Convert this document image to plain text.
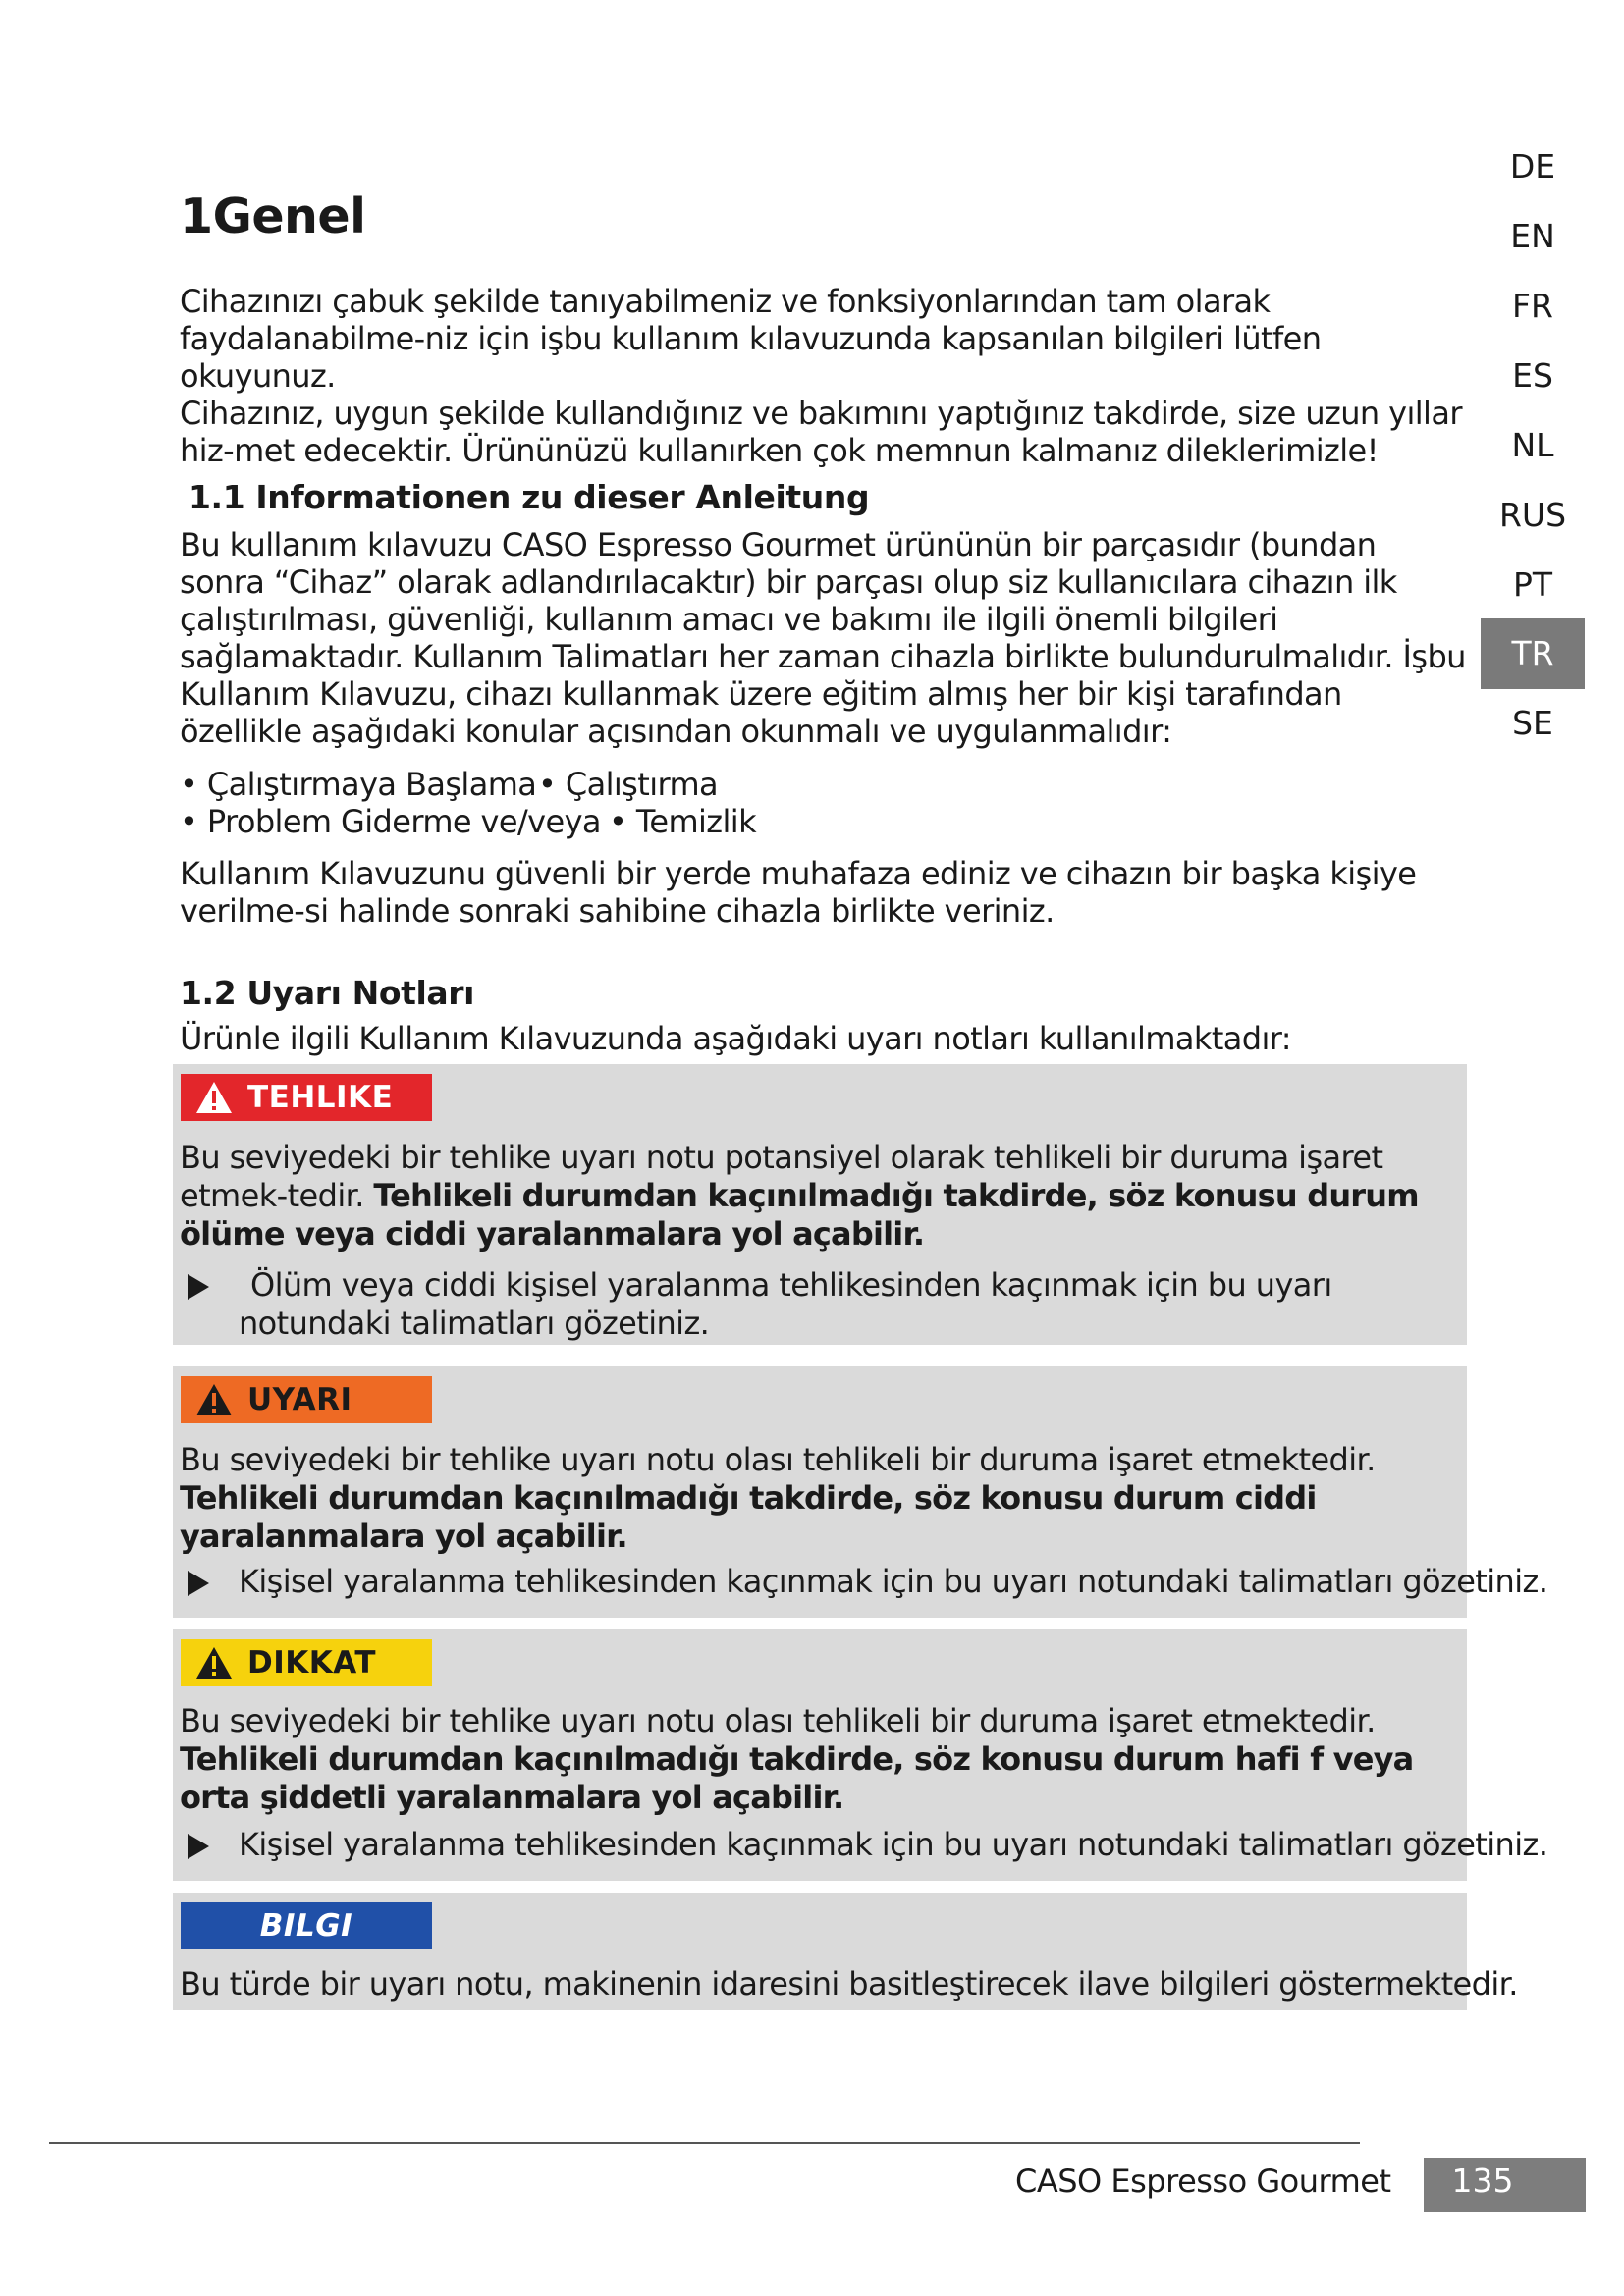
1Genel

Cihazınızı çabuk şekilde tanıyabilmeniz ve fonksiyonlarından tam olarak faydalanabilme-niz için işbu kullanım kılavuzunda kapsanılan bilgileri lütfen okuyunuz.

Cihazınız, uygun şekilde kullandığınız ve bakımını yaptığınız takdirde, size uzun yıllar hiz-met edecektir. Ürününüzü kullanırken çok memnun kalmanız dileklerimizle!

1.1 Informationen zu dieser Anleitung
Bu kullanım kılavuzu CASO Espresso Gourmet ürününün bir parçasıdır (bundan sonra “Cihaz” olarak adlandırılacaktır) bir parçası olup siz kullanıcılara cihazın ilk çalıştırılması, güvenliği, kullanım amacı ve bakımı ile ilgili önemli bilgileri sağlamaktadır. Kullanım Talimatları her zaman cihazla birlikte bulundurulmalıdır. İşbu Kullanım Kılavuzu, cihazı kullanmak üzere eğitim almış her bir kişi tarafından özellikle aşağıdaki konular açısından okunmalı ve uygulanmalıdır:
• Çalıştırmaya Başlama • Çalıştırma
• Problem Giderme ve/veya • Temizlik
Kullanım Kılavuzunu güvenli bir yerde muhafaza ediniz ve cihazın bir başka kişiye verilme-si halinde sonraki sahibine cihazla birlikte veriniz.
1.2 Uyarı Notları
Ürünle ilgili Kullanım Kılavuzunda aşağıdaki uyarı notları kullanılmaktadır:
TEHLIKE
Bu seviyedeki bir tehlike uyarı notu potansiyel olarak tehlikeli bir duruma işaret etmek-tedir. Tehlikeli durumdan kaçınılmadığı takdirde, söz konusu durum ölüme veya ciddi yaralanmalara yol açabilir.
Ölüm veya ciddi kişisel yaralanma tehlikesinden kaçınmak için bu uyarı notundaki talimatları gözetiniz.
UYARI
Bu seviyedeki bir tehlike uyarı notu olası tehlikeli bir duruma işaret etmektedir.
Tehlikeli durumdan kaçınılmadığı takdirde, söz konusu durum ciddi yaralanmalara yol açabilir.
Kişisel yaralanma tehlikesinden kaçınmak için bu uyarı notundaki talimatları gözetiniz.
DIKKAT
Bu seviyedeki bir tehlike uyarı notu olası tehlikeli bir duruma işaret etmektedir.
Tehlikeli durumdan kaçınılmadığı takdirde, söz konusu durum hafi f veya orta şiddetli yaralanmalara yol açabilir.
Kişisel yaralanma tehlikesinden kaçınmak için bu uyarı notundaki talimatları gözetiniz.
BILGI
Bu türde bir uyarı notu, makinenin idaresini basitleştirecek ilave bilgileri göstermektedir.
DE
EN
FR
ES
NL
RUS
PT
TR
SE
CASO Espresso Gourmet	135
